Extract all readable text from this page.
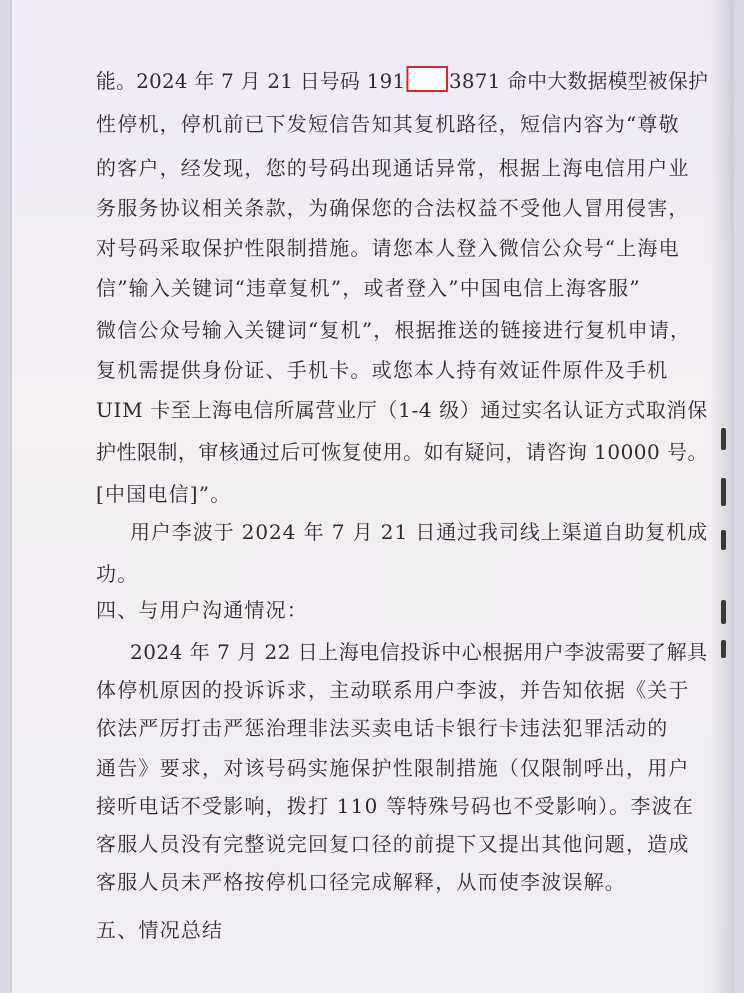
能。2024 年 7 月 21 日号码 191 3871 命中大数据模型被保护
性停机，停机前已下发短信告知其复机路径，短信内容为“尊敬
的客户，经发现，您的号码出现通话异常，根据上海电信用户业
务服务协议相关条款，为确保您的合法权益不受他人冒用侵害，
对号码采取保护性限制措施。请您本人登入微信公众号“上海电
信”输入关键词“违章复机”，或者登入”中国电信上海客服”
微信公众号输入关键词“复机”，根据推送的链接进行复机申请，
复机需提供身份证、手机卡。或您本人持有效证件原件及手机
UIM 卡至上海电信所属营业厅（1-4 级）通过实名认证方式取消保
护性限制，审核通过后可恢复使用。如有疑问，请咨询 10000 号。
[中国电信]”。
用户李波于 2024 年 7 月 21 日通过我司线上渠道自助复机成
功。
四、与用户沟通情况：
2024 年 7 月 22 日上海电信投诉中心根据用户李波需要了解具
体停机原因的投诉诉求，主动联系用户李波，并告知依据《关于
依法严厉打击严惩治理非法买卖电话卡银行卡违法犯罪活动的
通告》要求，对该号码实施保护性限制措施（仅限制呼出，用户
接听电话不受影响，拨打 110 等特殊号码也不受影响）。李波在
客服人员没有完整说完回复口径的前提下又提出其他问题，造成
客服人员未严格按停机口径完成解释，从而使李波误解。
五、情况总结
